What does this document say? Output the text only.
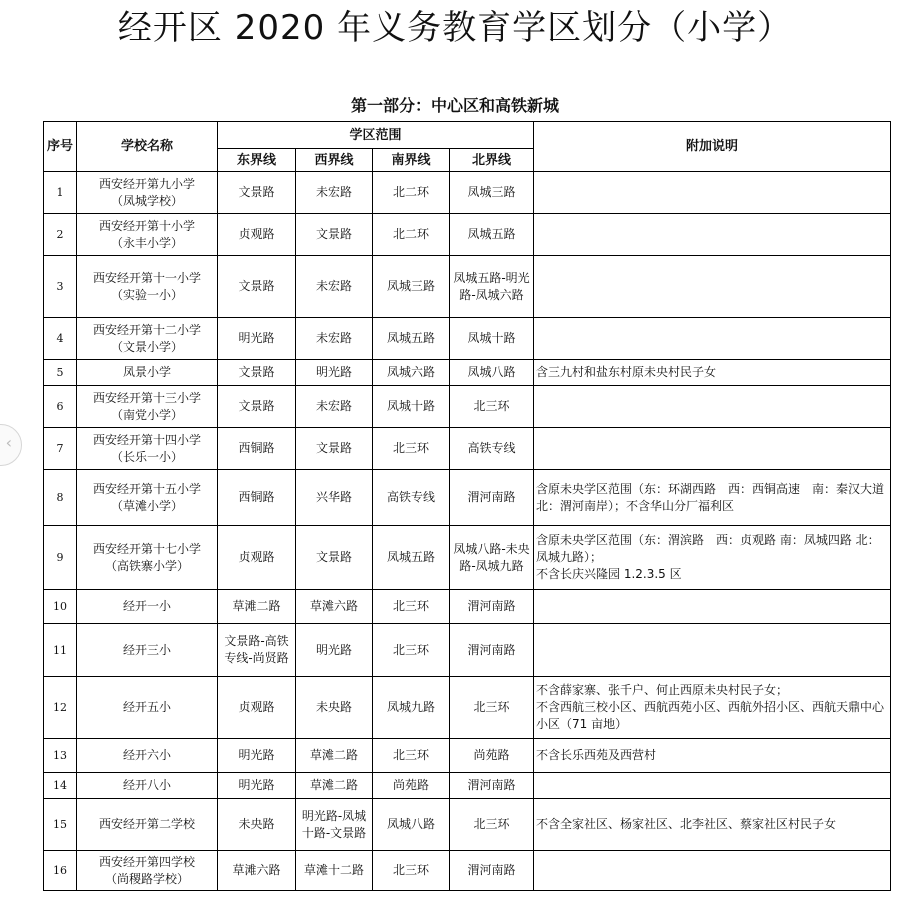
经开区 2020 年义务教育学区划分（小学）
第一部分：中心区和高铁新城
‹
序号	学校名称	学区范围				附加说明
		东界线	西界线	南界线	北界线	
1	西安经开第九小学
（凤城学校）	文景路	未宏路	北二环	凤城三路	
2	西安经开第十小学
（永丰小学）	贞观路	文景路	北二环	凤城五路	
3	西安经开第十一小学
（实验一小）	文景路	未宏路	凤城三路	凤城五路-明光路-凤城六路	
4	西安经开第十二小学
（文景小学）	明光路	未宏路	凤城五路	凤城十路	
5	凤景小学	文景路	明光路	凤城六路	凤城八路	含三九村和盐东村原未央村民子女

6	西安经开第十三小学
（南党小学）	文景路	未宏路	凤城十路	北三环	
7	西安经开第十四小学
（长乐一小）	西铜路	文景路	北三环	高铁专线	
8	西安经开第十五小学
（草滩小学）	西铜路	兴华路	高铁专线	渭河南路	含原未央学区范围（东：环湖西路　西：西铜高速　南：秦汉大道 北：渭河南岸）；不含华山分厂福利区

9	西安经开第十七小学
（高铁寨小学）	贞观路	文景路	凤城五路	凤城八路-未央路-凤城九路	含原未央学区范围（东：渭滨路　西：贞观路 南：凤城四路 北：凤城九路）；
不含长庆兴隆园 1.2.3.5 区

10	经开一小	草滩二路	草滩六路	北三环	渭河南路	
11	经开三小	文景路-高铁专线-尚贤路	明光路	北三环	渭河南路	
12	经开五小	贞观路	未央路	凤城九路	北三环	不含薛家寨、张千户、何止西原未央村民子女；
不含西航三校小区、西航西苑小区、西航外招小区、西航天鼎中心小区（71 亩地）

13	经开六小	明光路	草滩二路	北三环	尚苑路	不含长乐西苑及西营村

14	经开八小	明光路	草滩二路	尚苑路	渭河南路	
15	西安经开第二学校	未央路	明光路-凤城十路-文景路	凤城八路	北三环	不含全家社区、杨家社区、北李社区、蔡家社区村民子女

16	西安经开第四学校
（尚稷路学校）	草滩六路	草滩十二路	北三环	渭河南路	
